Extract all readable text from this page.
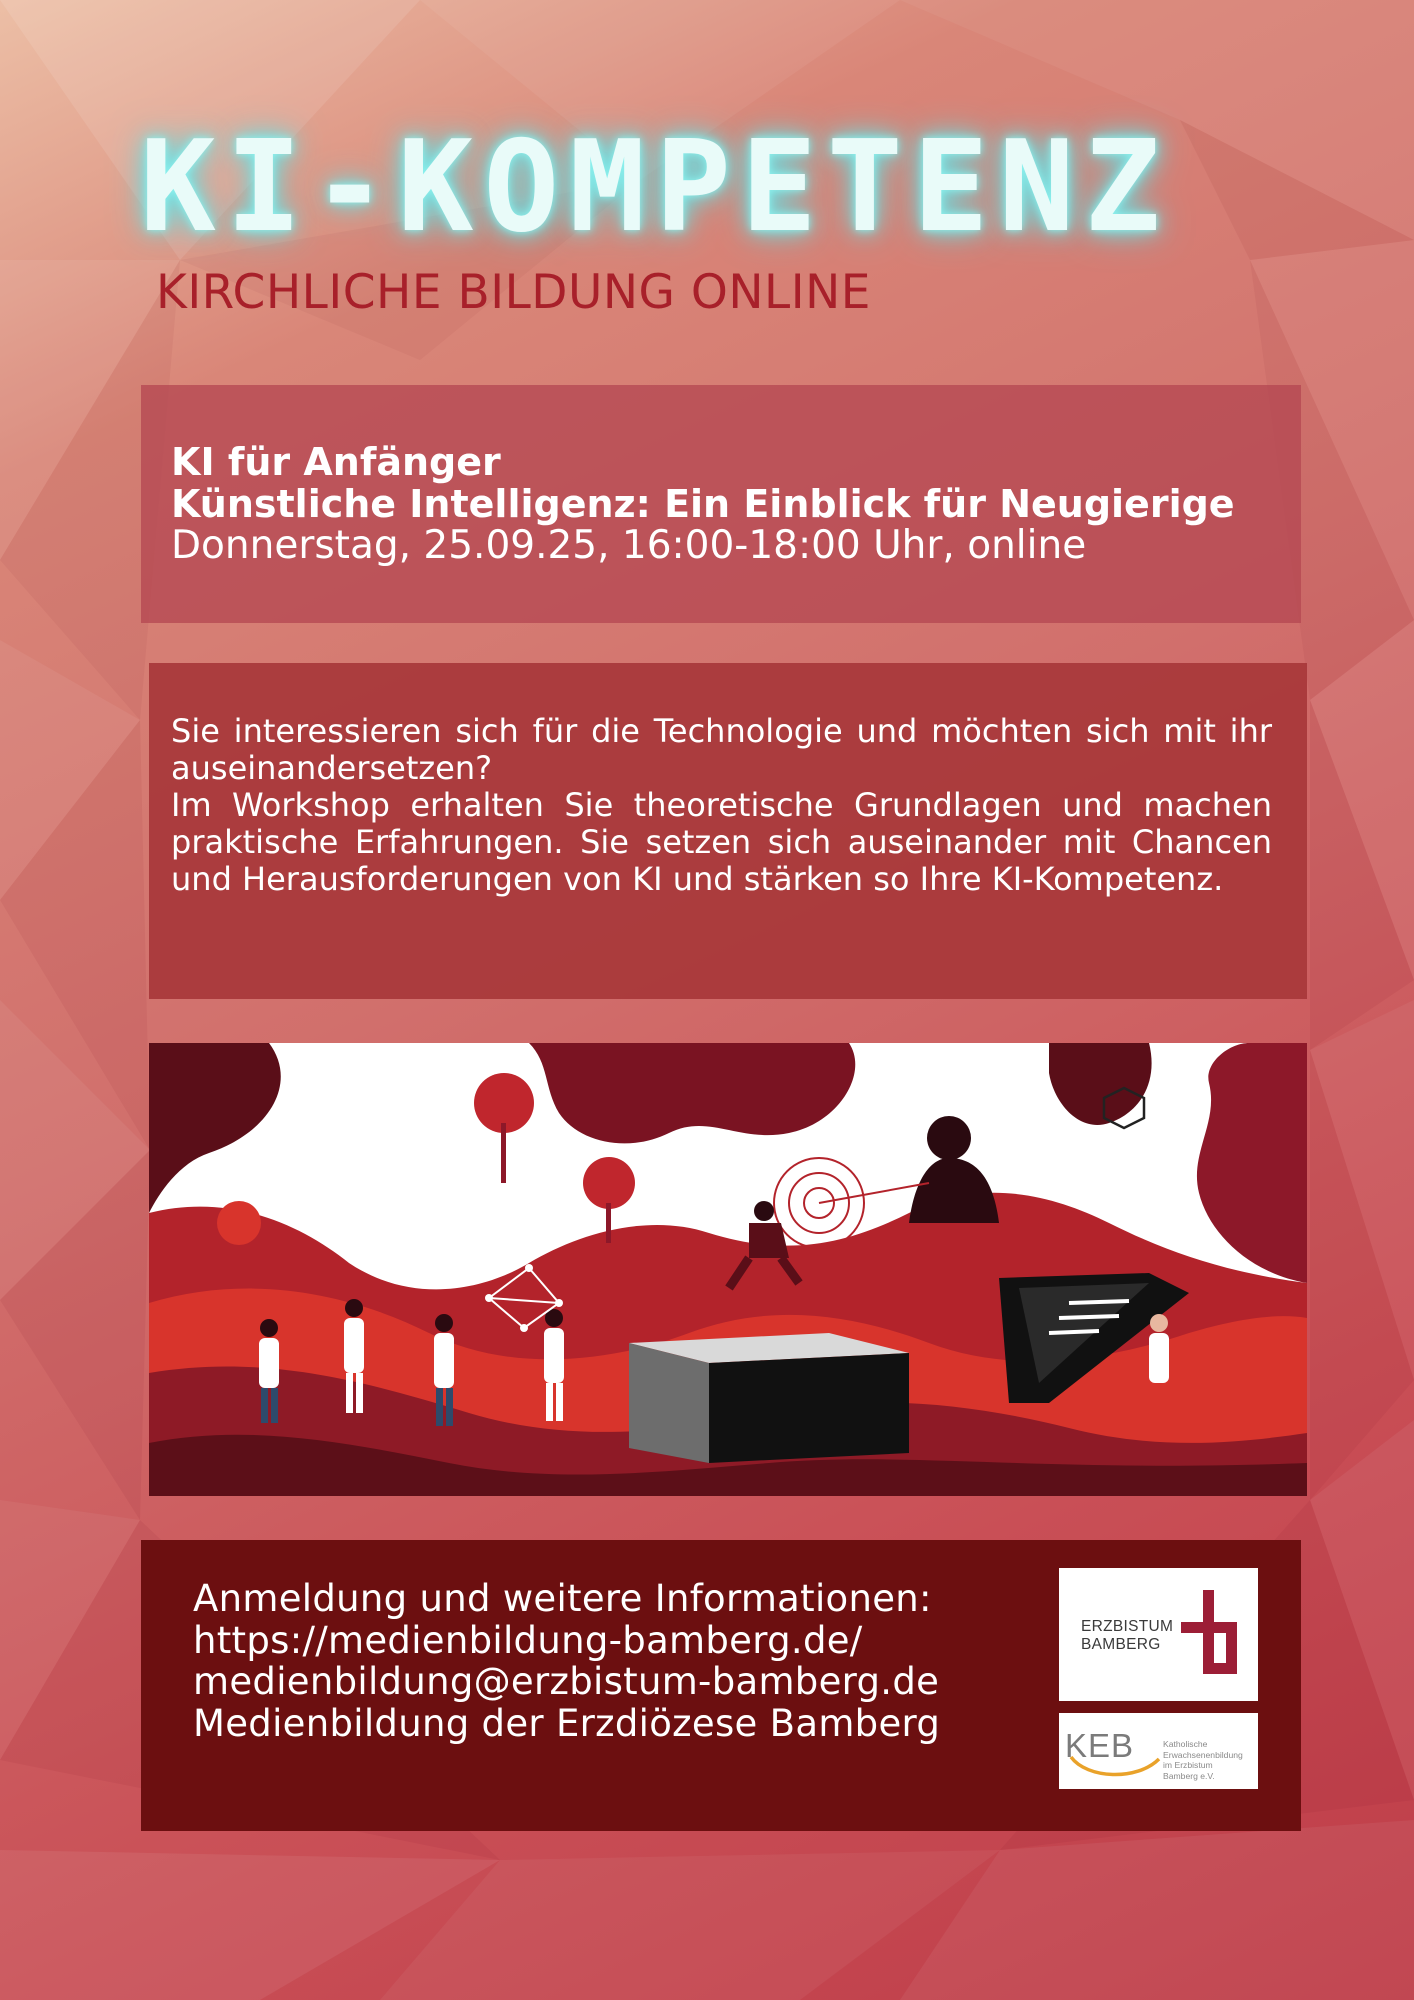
KI-KOMPETENZ
KIRCHLICHE BILDUNG ONLINE
KI für Anfänger
Künstliche Intelligenz: Ein Einblick für Neugierige
Donnerstag, 25.09.25, 16:00-18:00 Uhr, online

Sie interessieren sich für die Technologie und möchten sich mit ihr auseinandersetzen?

Im Workshop erhalten Sie theoretische Grundlagen und machen praktische Erfahrungen. Sie setzen sich auseinander mit Chancen und Herausforderungen von KI und stärken so Ihre KI-Kompetenz.

Anmeldung und weitere Informationen:
https://medienbildung-bamberg.de/
medienbildung@erzbistum-bamberg.de
Medienbildung der Erzdiözese Bamberg
ERZBISTUM
BAMBERG
KEB	Katholische
Erwachsenenbildung
im Erzbistum
Bamberg e.V.
